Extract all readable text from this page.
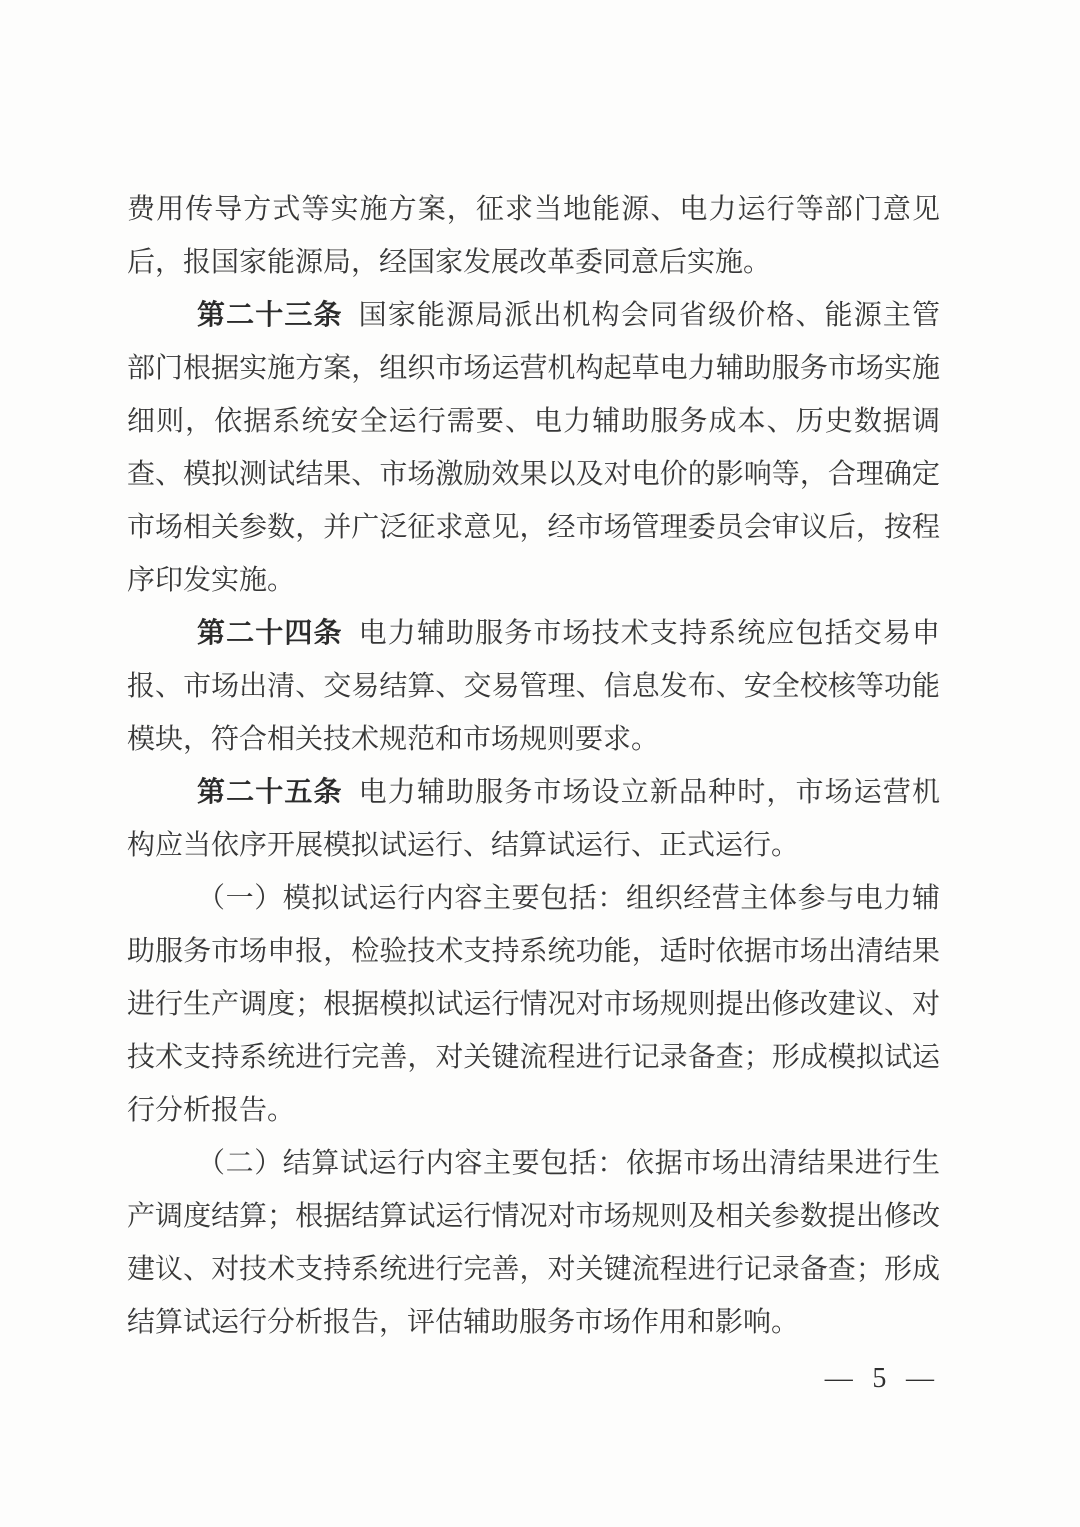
费用传导方式等实施方案，征求当地能源、电力运行等部门意见后，报国家能源局，经国家发展改革委同意后实施。

第二十三条 国家能源局派出机构会同省级价格、能源主管部门根据实施方案，组织市场运营机构起草电力辅助服务市场实施细则，依据系统安全运行需要、电力辅助服务成本、历史数据调查、模拟测试结果、市场激励效果以及对电价的影响等，合理确定市场相关参数，并广泛征求意见，经市场管理委员会审议后，按程序印发实施。

第二十四条 电力辅助服务市场技术支持系统应包括交易申报、市场出清、交易结算、交易管理、信息发布、安全校核等功能模块，符合相关技术规范和市场规则要求。

第二十五条 电力辅助服务市场设立新品种时，市场运营机构应当依序开展模拟试运行、结算试运行、正式运行。

（一）模拟试运行内容主要包括：组织经营主体参与电力辅助服务市场申报，检验技术支持系统功能，适时依据市场出清结果进行生产调度；根据模拟试运行情况对市场规则提出修改建议、对技术支持系统进行完善，对关键流程进行记录备查；形成模拟试运行分析报告。

（二）结算试运行内容主要包括：依据市场出清结果进行生产调度结算；根据结算试运行情况对市场规则及相关参数提出修改建议、对技术支持系统进行完善，对关键流程进行记录备查；形成结算试运行分析报告，评估辅助服务市场作用和影响。

— 5 —
